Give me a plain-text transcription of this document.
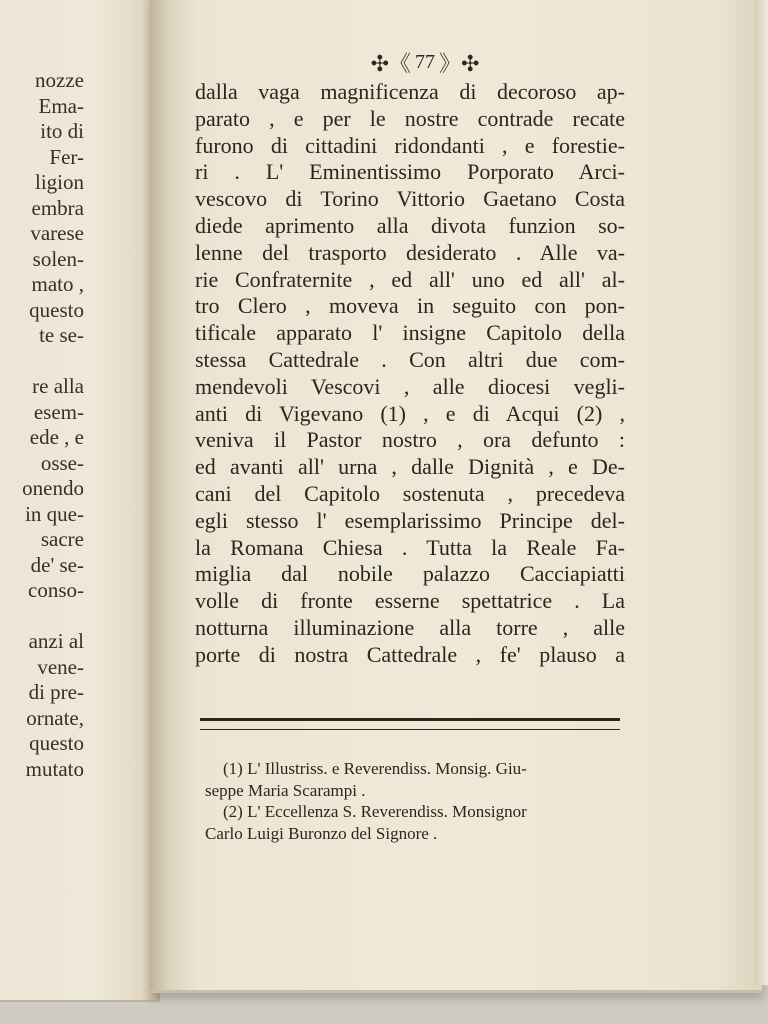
nozze
Ema-
ito di
Fer-
ligion
embra
varese
solen-
mato ,
questo
te se-

re alla
esem-
ede , e
osse-
onendo
in que-
sacre
de' se-
conso-

anzi al
vene-
di pre-
ornate,
questo
mutato
✣《 77 》✣
dalla vaga magnificenza di decoroso ap-
parato , e per le nostre contrade recate
furono di cittadini ridondanti , e forestie-
ri . L' Eminentissimo Porporato Arci-
vescovo di Torino Vittorio Gaetano Costa
diede aprimento alla divota funzion so-
lenne del trasporto desiderato . Alle va-
rie Confraternite , ed all' uno ed all' al-
tro Clero , moveva in seguito con pon-
tificale apparato l' insigne Capitolo della
stessa Cattedrale . Con altri due com-
mendevoli Vescovi , alle diocesi vegli-
anti di Vigevano (1) , e di Acqui (2) ,
veniva il Pastor nostro , ora defunto :
ed avanti all' urna , dalle Dignità , e De-
cani del Capitolo sostenuta , precedeva
egli stesso l' esemplarissimo Principe del-
la Romana Chiesa . Tutta la Reale Fa-
miglia dal nobile palazzo Cacciapiatti
volle di fronte esserne spettatrice . La
notturna illuminazione alla torre , alle
porte di nostra Cattedrale , fe' plauso a
(1) L' Illustriss. e Reverendiss. Monsig. Giu-
seppe Maria Scarampi .
(2) L' Eccellenza S. Reverendiss. Monsignor
Carlo Luigi Buronzo del Signore .
